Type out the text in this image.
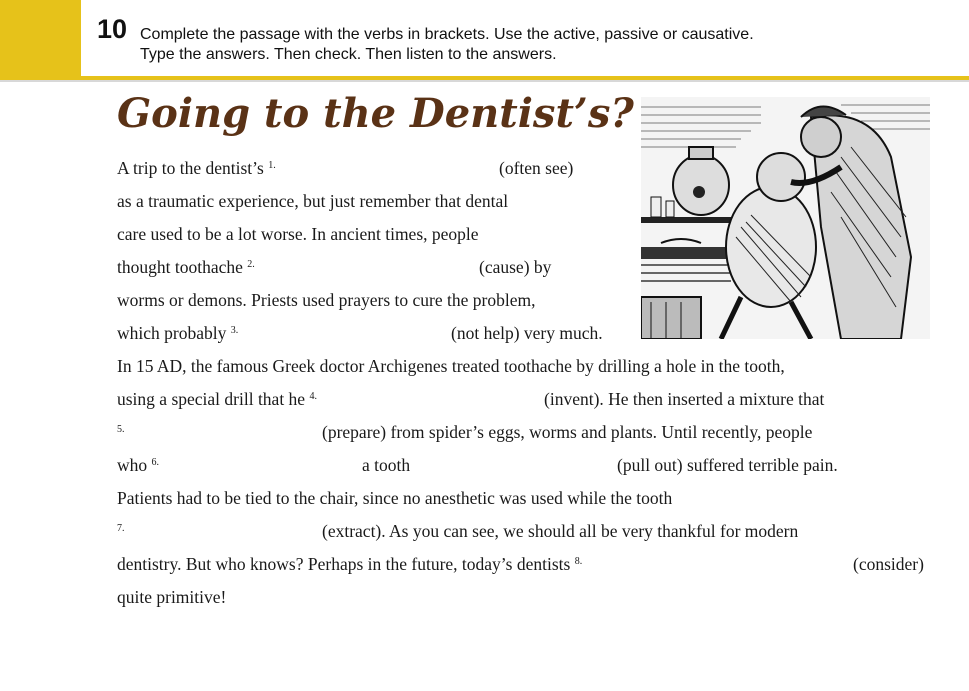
10 Complete the passage with the verbs in brackets. Use the active, passive or causative.
Type the answers. Then check. Then listen to the answers.
Going to the Dentist’s?
A trip to the dentist’s $^{1.}$	(often see)
as a traumatic experience, but just remember that dental
care used to be a lot worse. In ancient times, people
thought toothache $^{2.}$	(cause) by
worms or demons. Priests used prayers to cure the problem,
which probably $^{3.}$	(not help) very much.
In 15 AD, the famous Greek doctor Archigenes treated toothache by drilling a hole in the tooth,
using a special drill that he $^{4.}$	(invent). He then inserted a mixture that
$^{5.}$	(prepare) from spider’s eggs, worms and plants. Until recently, people
who $^{6.}$	a tooth	(pull out) suffered terrible pain.
Patients had to be tied to the chair, since no anesthetic was used while the tooth
$^{7.}$	(extract). As you can see, we should all be very thankful for modern
dentistry. But who knows? Perhaps in the future, today’s dentists $^{8.}$	(consider)
quite primitive!
